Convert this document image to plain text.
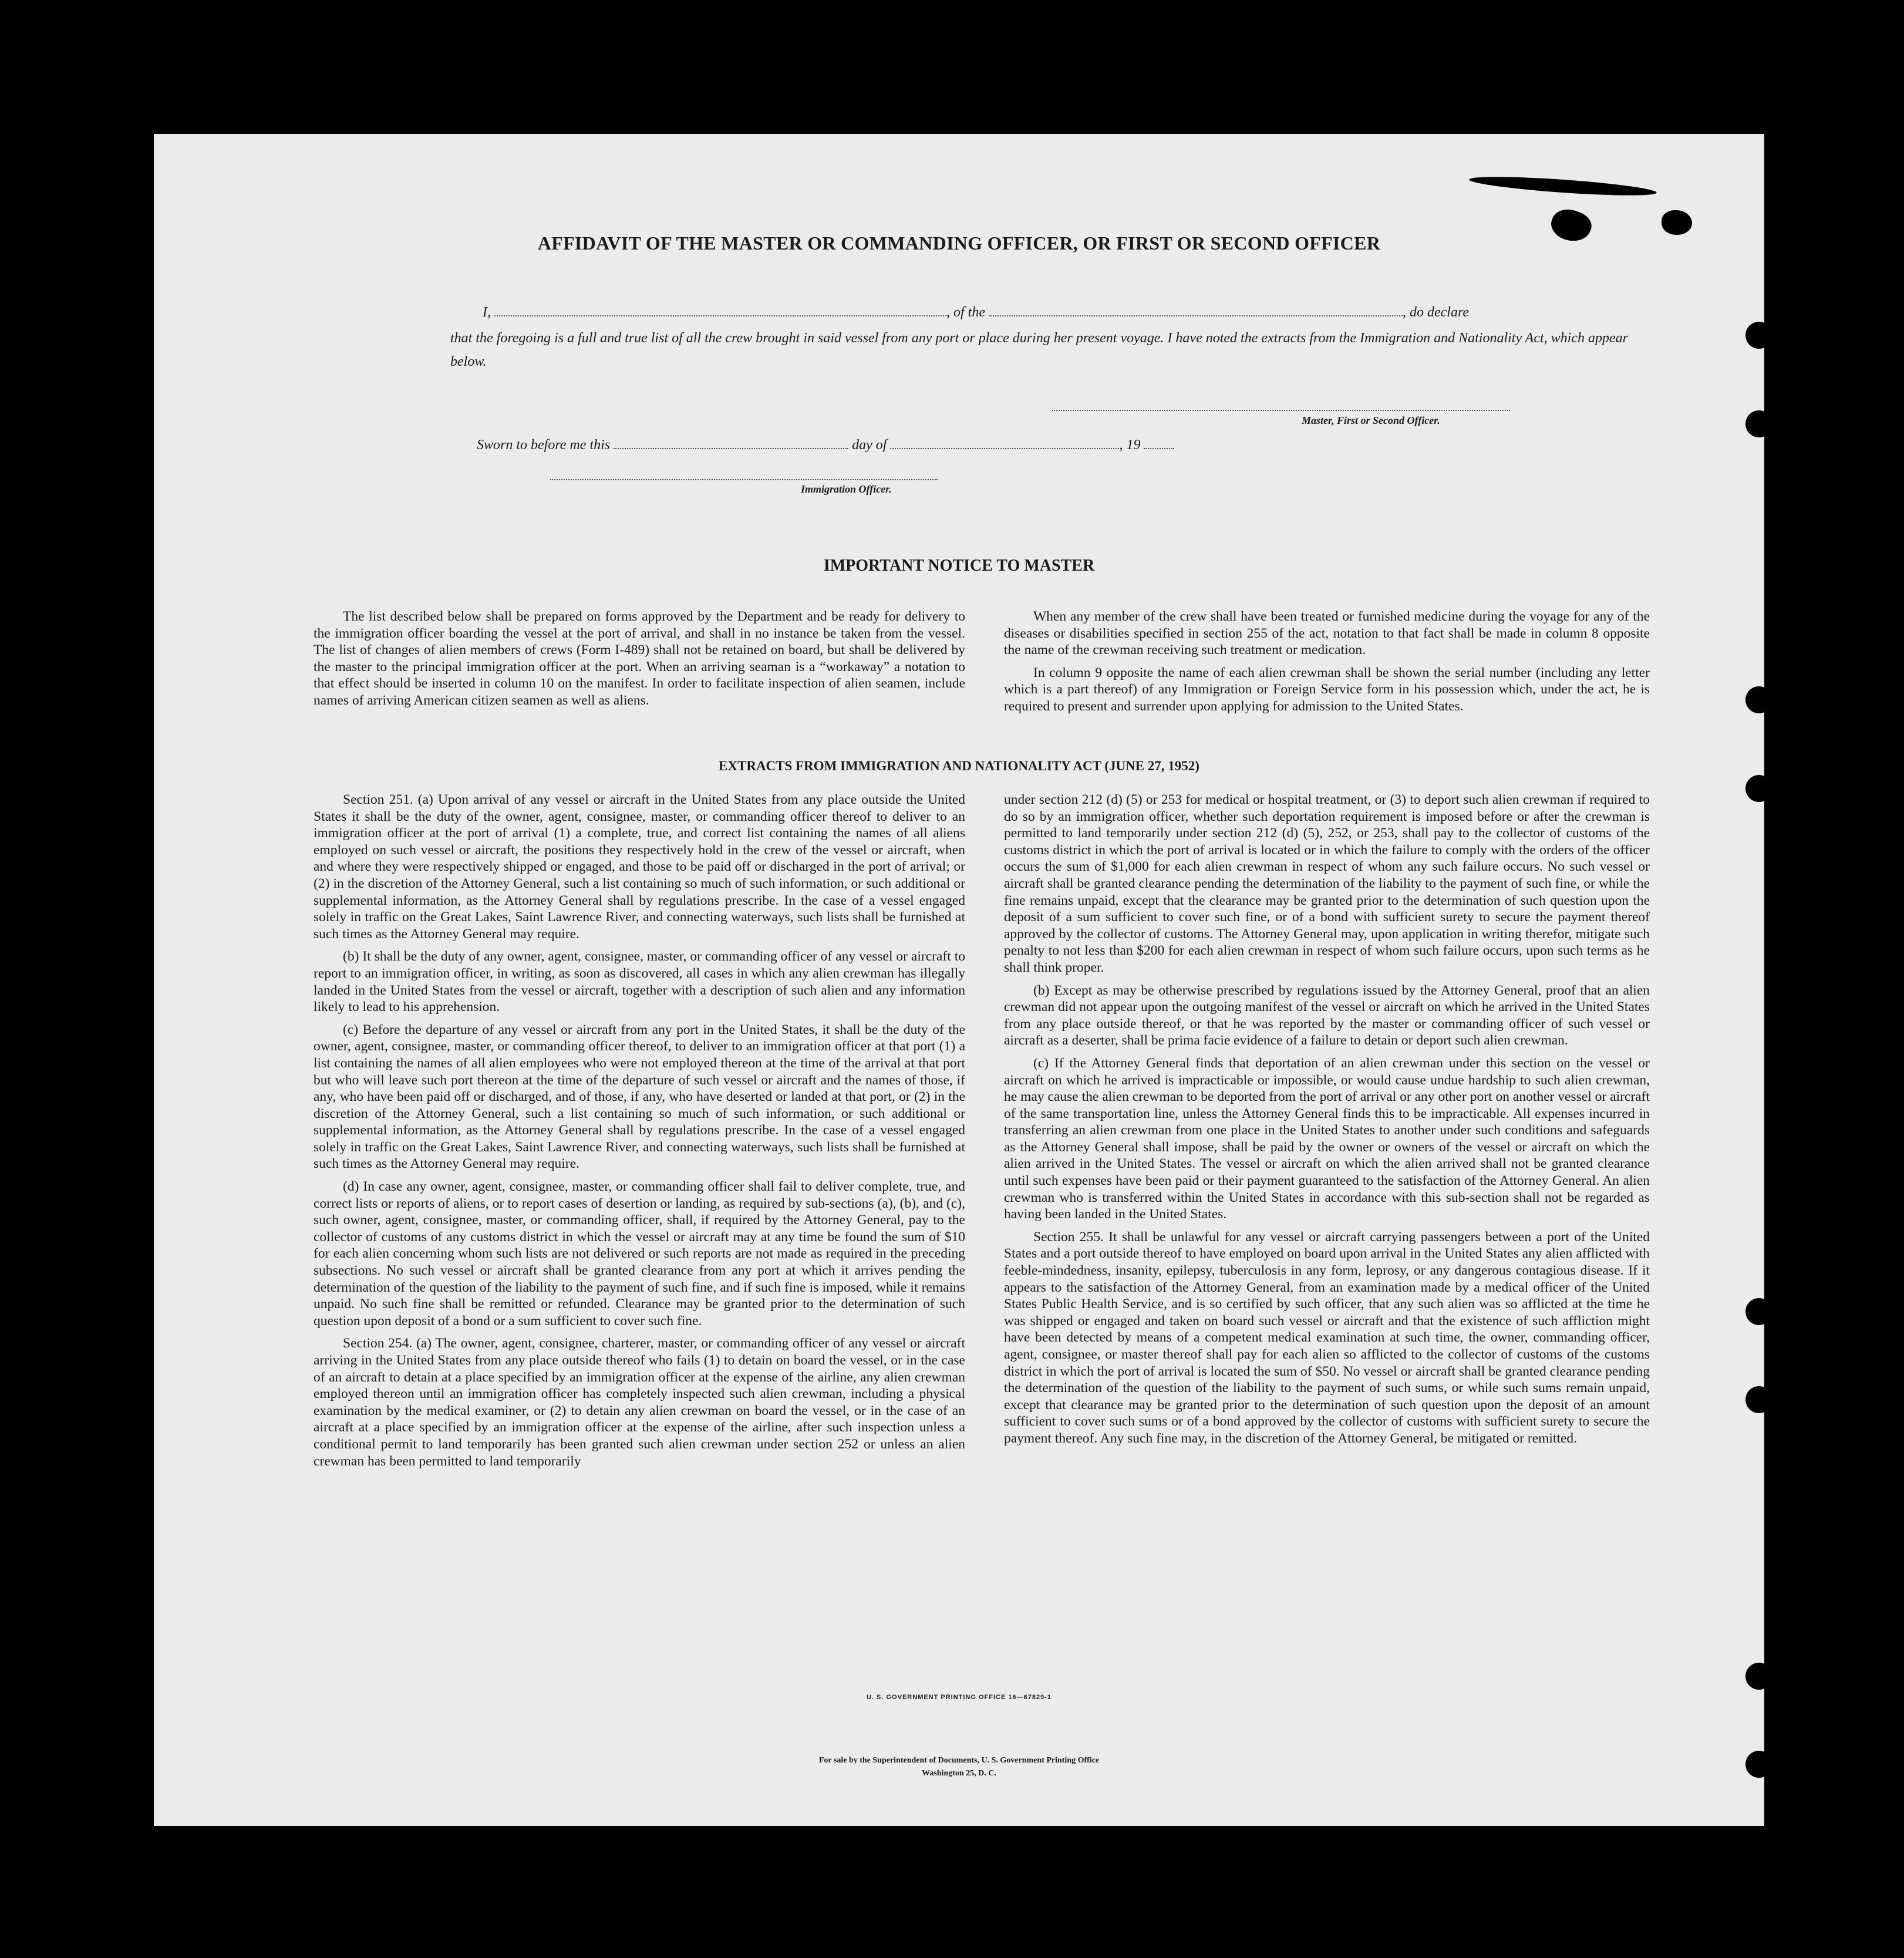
AFFIDAVIT OF THE MASTER OR COMMANDING OFFICER, OR FIRST OR SECOND OFFICER
I,	, of the	, do declare
that the foregoing is a full and true list of all the crew brought in said vessel from any port or place during her present voyage. I have noted the extracts from the Immigration and Nationality Act, which appear below.
Master, First or Second Officer.
Sworn to before me this	day of	, 19
Immigration Officer.
IMPORTANT NOTICE TO MASTER

The list described below shall be prepared on forms approved by the Department and be ready for delivery to the immigration officer boarding the vessel at the port of arrival, and shall in no instance be taken from the vessel. The list of changes of alien members of crews (Form I-489) shall not be retained on board, but shall be delivered by the master to the principal immigration officer at the port. When an arriving seaman is a “workaway” a notation to that effect should be inserted in column 10 on the manifest. In order to facilitate inspection of alien seamen, include names of arriving American citizen seamen as well as aliens.

When any member of the crew shall have been treated or furnished medicine during the voyage for any of the diseases or disabilities specified in section 255 of the act, notation to that fact shall be made in column 8 opposite the name of the crewman receiving such treatment or medication.

In column 9 opposite the name of each alien crewman shall be shown the serial number (including any letter which is a part thereof) of any Immigration or Foreign Service form in his possession which, under the act, he is required to present and surrender upon applying for admission to the United States.

EXTRACTS FROM IMMIGRATION AND NATIONALITY ACT (JUNE 27, 1952)

Section 251. (a) Upon arrival of any vessel or aircraft in the United States from any place outside the United States it shall be the duty of the owner, agent, consignee, master, or commanding officer thereof to deliver to an immigration officer at the port of arrival (1) a complete, true, and correct list containing the names of all aliens employed on such vessel or aircraft, the positions they respectively hold in the crew of the vessel or aircraft, when and where they were respectively shipped or engaged, and those to be paid off or discharged in the port of arrival; or (2) in the discretion of the Attorney General, such a list containing so much of such information, or such additional or supplemental information, as the Attorney General shall by regulations prescribe. In the case of a vessel engaged solely in traffic on the Great Lakes, Saint Lawrence River, and connecting waterways, such lists shall be furnished at such times as the Attorney General may require.

(b) It shall be the duty of any owner, agent, consignee, master, or commanding officer of any vessel or aircraft to report to an immigration officer, in writing, as soon as discovered, all cases in which any alien crewman has illegally landed in the United States from the vessel or aircraft, together with a description of such alien and any information likely to lead to his apprehension.

(c) Before the departure of any vessel or aircraft from any port in the United States, it shall be the duty of the owner, agent, consignee, master, or commanding officer thereof, to deliver to an immigration officer at that port (1) a list containing the names of all alien employees who were not employed thereon at the time of the arrival at that port but who will leave such port thereon at the time of the departure of such vessel or aircraft and the names of those, if any, who have been paid off or discharged, and of those, if any, who have deserted or landed at that port, or (2) in the discretion of the Attorney General, such a list containing so much of such information, or such additional or supplemental information, as the Attorney General shall by regulations prescribe. In the case of a vessel engaged solely in traffic on the Great Lakes, Saint Lawrence River, and connecting waterways, such lists shall be furnished at such times as the Attorney General may require.

(d) In case any owner, agent, consignee, master, or commanding officer shall fail to deliver complete, true, and correct lists or reports of aliens, or to report cases of desertion or landing, as required by sub-sections (a), (b), and (c), such owner, agent, consignee, master, or commanding officer, shall, if required by the Attorney General, pay to the collector of customs of any customs district in which the vessel or aircraft may at any time be found the sum of $10 for each alien concerning whom such lists are not delivered or such reports are not made as required in the preceding subsections. No such vessel or aircraft shall be granted clearance from any port at which it arrives pending the determination of the question of the liability to the payment of such fine, and if such fine is imposed, while it remains unpaid. No such fine shall be remitted or refunded. Clearance may be granted prior to the determination of such question upon deposit of a bond or a sum sufficient to cover such fine.

Section 254. (a) The owner, agent, consignee, charterer, master, or commanding officer of any vessel or aircraft arriving in the United States from any place outside thereof who fails (1) to detain on board the vessel, or in the case of an aircraft to detain at a place specified by an immigration officer at the expense of the airline, any alien crewman employed thereon until an immigration officer has completely inspected such alien crewman, including a physical examination by the medical examiner, or (2) to detain any alien crewman on board the vessel, or in the case of an aircraft at a place specified by an immigration officer at the expense of the airline, after such inspection unless a conditional permit to land temporarily has been granted such alien crewman under section 252 or unless an alien crewman has been permitted to land temporarily

under section 212 (d) (5) or 253 for medical or hospital treatment, or (3) to deport such alien crewman if required to do so by an immigration officer, whether such deportation requirement is imposed before or after the crewman is permitted to land temporarily under section 212 (d) (5), 252, or 253, shall pay to the collector of customs of the customs district in which the port of arrival is located or in which the failure to comply with the orders of the officer occurs the sum of $1,000 for each alien crewman in respect of whom any such failure occurs. No such vessel or aircraft shall be granted clearance pending the determination of the liability to the payment of such fine, or while the fine remains unpaid, except that the clearance may be granted prior to the determination of such question upon the deposit of a sum sufficient to cover such fine, or of a bond with sufficient surety to secure the payment thereof approved by the collector of customs. The Attorney General may, upon application in writing therefor, mitigate such penalty to not less than $200 for each alien crewman in respect of whom such failure occurs, upon such terms as he shall think proper.

(b) Except as may be otherwise prescribed by regulations issued by the Attorney General, proof that an alien crewman did not appear upon the outgoing manifest of the vessel or aircraft on which he arrived in the United States from any place outside thereof, or that he was reported by the master or commanding officer of such vessel or aircraft as a deserter, shall be prima facie evidence of a failure to detain or deport such alien crewman.

(c) If the Attorney General finds that deportation of an alien crewman under this section on the vessel or aircraft on which he arrived is impracticable or impossible, or would cause undue hardship to such alien crewman, he may cause the alien crewman to be deported from the port of arrival or any other port on another vessel or aircraft of the same transportation line, unless the Attorney General finds this to be impracticable. All expenses incurred in transferring an alien crewman from one place in the United States to another under such conditions and safeguards as the Attorney General shall impose, shall be paid by the owner or owners of the vessel or aircraft on which the alien arrived in the United States. The vessel or aircraft on which the alien arrived shall not be granted clearance until such expenses have been paid or their payment guaranteed to the satisfaction of the Attorney General. An alien crewman who is transferred within the United States in accordance with this sub-section shall not be regarded as having been landed in the United States.

Section 255. It shall be unlawful for any vessel or aircraft carrying passengers between a port of the United States and a port outside thereof to have employed on board upon arrival in the United States any alien afflicted with feeble-mindedness, insanity, epilepsy, tuberculosis in any form, leprosy, or any dangerous contagious disease. If it appears to the satisfaction of the Attorney General, from an examination made by a medical officer of the United States Public Health Service, and is so certified by such officer, that any such alien was so afflicted at the time he was shipped or engaged and taken on board such vessel or aircraft and that the existence of such affliction might have been detected by means of a competent medical examination at such time, the owner, commanding officer, agent, consignee, or master thereof shall pay for each alien so afflicted to the collector of customs of the customs district in which the port of arrival is located the sum of $50. No vessel or aircraft shall be granted clearance pending the determination of the question of the liability to the payment of such sums, or while such sums remain unpaid, except that clearance may be granted prior to the determination of such question upon the deposit of an amount sufficient to cover such sums or of a bond approved by the collector of customs with sufficient surety to secure the payment thereof. Any such fine may, in the discretion of the Attorney General, be mitigated or remitted.

U. S. GOVERNMENT PRINTING OFFICE 16—67829-1
For sale by the Superintendent of Documents, U. S. Government Printing Office
Washington 25, D. C.
